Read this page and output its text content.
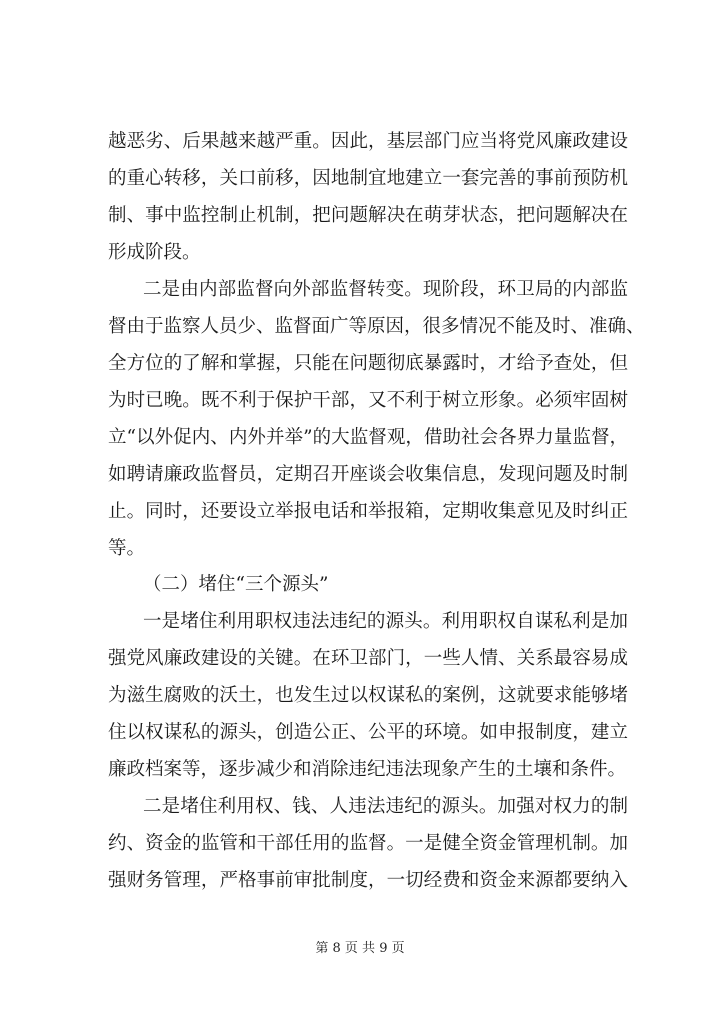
越恶劣、后果越来越严重。因此，基层部门应当将党风廉政建设
的重心转移，关口前移，因地制宜地建立一套完善的事前预防机
制、事中监控制止机制，把问题解决在萌芽状态，把问题解决在
形成阶段。
二是由内部监督向外部监督转变。现阶段，环卫局的内部监
督由于监察人员少、监督面广等原因，很多情况不能及时、准确、
全方位的了解和掌握，只能在问题彻底暴露时，才给予查处，但
为时已晚。既不利于保护干部，又不利于树立形象。必须牢固树
立“以外促内、内外并举”的大监督观，借助社会各界力量监督，
如聘请廉政监督员，定期召开座谈会收集信息，发现问题及时制
止。同时，还要设立举报电话和举报箱，定期收集意见及时纠正
等。
（二）堵住“三个源头”
一是堵住利用职权违法违纪的源头。利用职权自谋私利是加
强党风廉政建设的关键。在环卫部门，一些人情、关系最容易成
为滋生腐败的沃土，也发生过以权谋私的案例，这就要求能够堵
住以权谋私的源头，创造公正、公平的环境。如申报制度，建立
廉政档案等，逐步减少和消除违纪违法现象产生的土壤和条件。
二是堵住利用权、钱、人违法违纪的源头。加强对权力的制
约、资金的监管和干部任用的监督。一是健全资金管理机制。加
强财务管理，严格事前审批制度，一切经费和资金来源都要纳入
第 8 页 共 9 页
